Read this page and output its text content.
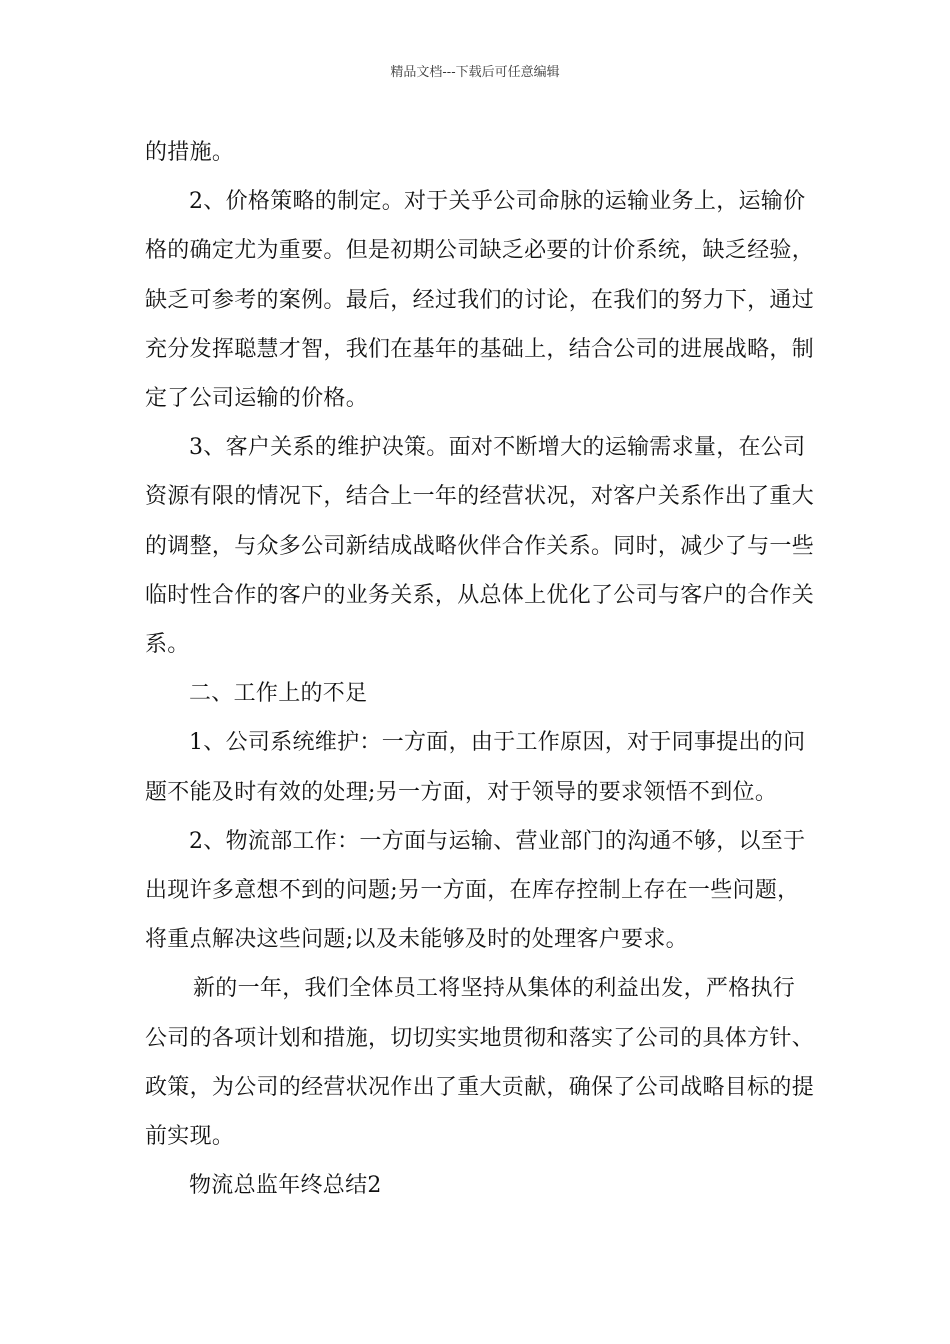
精品文档---下载后可任意编辑

的措施。

2、价格策略的制定。对于关乎公司命脉的运输业务上，运输价格的确定尤为重要。但是初期公司缺乏必要的计价系统，缺乏经验，缺乏可参考的案例。最后，经过我们的讨论，在我们的努力下，通过充分发挥聪慧才智，我们在基年的基础上，结合公司的进展战略，制定了公司运输的价格。

3、客户关系的维护决策。面对不断增大的运输需求量，在公司资源有限的情况下，结合上一年的经营状况，对客户关系作出了重大的调整，与众多公司新结成战略伙伴合作关系。同时，减少了与一些临时性合作的客户的业务关系，从总体上优化了公司与客户的合作关系。

二、工作上的不足

1、公司系统维护：一方面，由于工作原因，对于同事提出的问题不能及时有效的处理;另一方面，对于领导的要求领悟不到位。

2、物流部工作：一方面与运输、营业部门的沟通不够，以至于出现许多意想不到的问题;另一方面，在库存控制上存在一些问题，将重点解决这些问题;以及未能够及时的处理客户要求。

新的一年，我们全体员工将坚持从集体的利益出发，严格执行公司的各项计划和措施，切切实实地贯彻和落实了公司的具体方针、政策，为公司的经营状况作出了重大贡献，确保了公司战略目标的提前实现。

物流总监年终总结2
